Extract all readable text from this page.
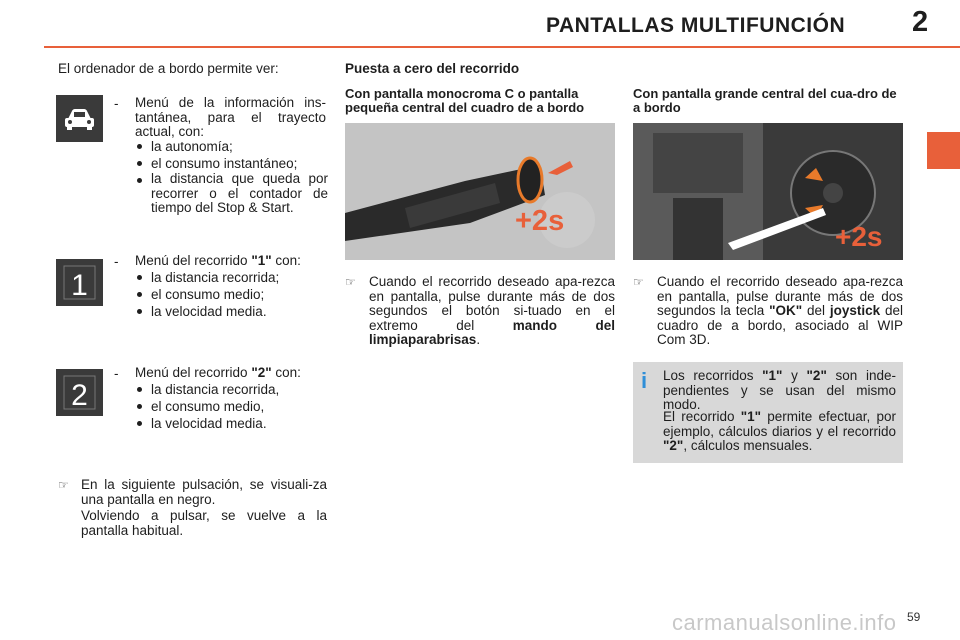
PANTALLAS MULTIFUNCIÓN 2
El ordenador de a bordo permite ver:
- Menú de la información ins-tantánea, para el trayecto actual, con:
la autonomía;
el consumo instantáneo;
la distancia que queda por recorrer o el contador de tiempo del Stop & Start.
1
- Menú del recorrido "1" con:
la distancia recorrida;
el consumo medio;
la velocidad media.
2
- Menú del recorrido "2" con:
la distancia recorrida,
el consumo medio,
la velocidad media.
☞ En la siguiente pulsación, se visuali-za una pantalla en negro.
Volviendo a pulsar, se vuelve a la pantalla habitual.
Puesta a cero del recorrido
Con pantalla monocroma C o pantalla pequeña central del cuadro de a bordo
+2s
☞ Cuando el recorrido deseado apa-rezca en pantalla, pulse durante más de dos segundos el botón si-tuado en el extremo del mando del limpiaparabrisas.
Con pantalla grande central del cua-dro de a bordo
+2s
☞ Cuando el recorrido deseado apa-rezca en pantalla, pulse durante más de dos segundos la tecla "OK" del joystick del cuadro de a bordo, asociado al WIP Com 3D.
i Los recorridos "1" y "2" son inde-pendientes y se usan del mismo modo.
El recorrido "1" permite efectuar, por ejemplo, cálculos diarios y el recorrido "2", cálculos mensuales.
59
carmanualsonline.info
